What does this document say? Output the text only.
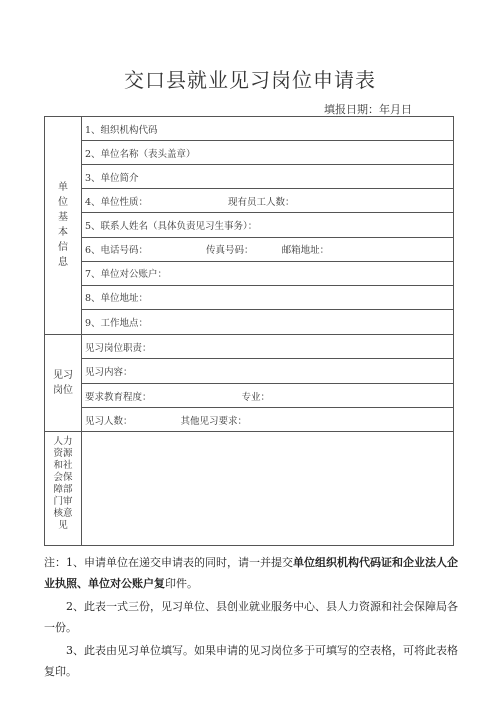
交口县就业见习岗位申请表
填报日期：年月日
单位基本信息	1、组织机构代码
	2、单位名称（表头盖章）
	3、单位简介
	4、单位性质： 现有员工人数：
	5、联系人姓名（具体负责见习生事务）：
	6、电话号码： 传真号码： 邮箱地址：
	7、单位对公账户：
	8、单位地址：
	9、工作地点：
见习岗位	见习岗位职责：
	见习内容：
	要求教育程度： 专业：
	见习人数： 其他见习要求：

人力资源和社会保障部门审核意见	

注：1、申请单位在递交申请表的同时，请一并提交单位组织机构代码证和企业法人企业执照、单位对公账户复印件。
2、此表一式三份，见习单位、县创业就业服务中心、县人力资源和社会保障局各一份。
3、此表由见习单位填写。如果申请的见习岗位多于可填写的空表格，可将此表格复印。
